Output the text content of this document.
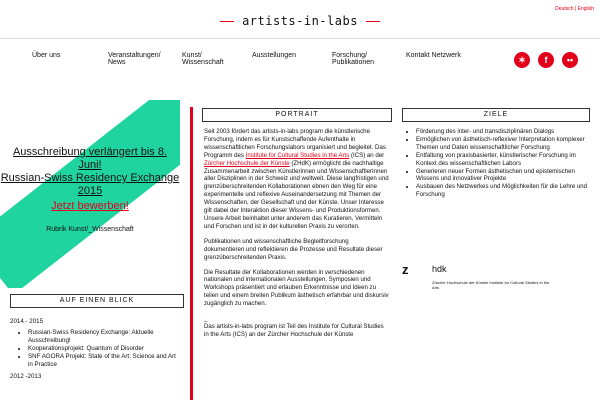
artists-in-labs
Deutsch | English
Über uns	Veranstaltungen/ News
Kunst/ Wissenschaft
Ausstellungen	Forschung/ Publikationen
Kontakt Netzwerk	✶	f	••
Ausschreibung verlängert bis 8. Juni!
Russian-Swiss Residency Exchange
2015
Jetzt bewerben!
Rubrik Kunst/_Wissenschaft
AUF EINEN BLICK
2014 - 2015
• Russian-Swiss Residency Exchange: Aktuelle Ausschreibung!
• Kooperationsprojekt: Quantum of Disorder
• SNF AGORA Projekt: State of the Art: Science and Art in Practice
2012 -2013
PORTRAIT

Seit 2003 fördert das artists-in-labs program die künstlerische Forschung, indem es für Kunstschaffende Aufenthalte in wissenschaftlichen Forschungslabors organisiert und begleitet. Das Programm des Institute for Cultural Studies in the Arts (ICS) an der Zürcher Hochschule der Künste (ZHdK) ermöglicht die nachhaltige Zusammenarbeit zwischen Künstlerinnen und WissenschaftlerInnen aller Disziplinen in der Schweiz und weltweit. Diese langfristigen und grenzüberschreitenden Kollaborationen ebnen den Weg für eine experimentelle und reflexive Auseinandersetzung mit Themen der Wissenschaften, der Gesellschaft und der Künste. Unser Interesse gilt dabei der Interaktion dieser Wissens- und Produktionsformen. Unsere Arbeit beinhaltet unter anderem das Kuratieren, Vermitteln und Forschen und ist in der kulturellen Praxis zu verorten.

Publikationen und wissenschaftliche Begleitforschung dokumentieren und reflektieren die Prozesse und Resultate dieser grenzüberschreitenden Praxis.

Die Resultate der Kollaborationen werden in verschiedenen nationalen und internationalen Ausstellungen, Symposien und Workshops präsentiert und erlauben Erkenntnisse und Ideen zu teilen und einem breiten Publikum ästhetisch erfahrbar und diskursiv zugänglich zu machen.

_

Das artists-in-labs program ist Teil des Institute for Cultural Studies in the Arts (ICS) an der Zürcher Hochschule der Künste

ZIELE
• Förderung des inter- und transdisziplinären Dialogs
• Ermöglichen von ästhetisch-reflexiver Interpretation komplexer Themen und Daten wissenschaftlicher Forschung
• Entfaltung von praxisbasierter, künstlerischer Forschung im Kontext des wissenschaftlichen Labors
• Generieren neuer Formen ästhetischen und epistemischen Wissens und innovativer Projekte
• Ausbauen des Netzwerkes und Möglichkeiten für die Lehre und Forschung
z	hdk
Zürcher Hochschule der Künste Institute for Cultural Studies in the Arts
